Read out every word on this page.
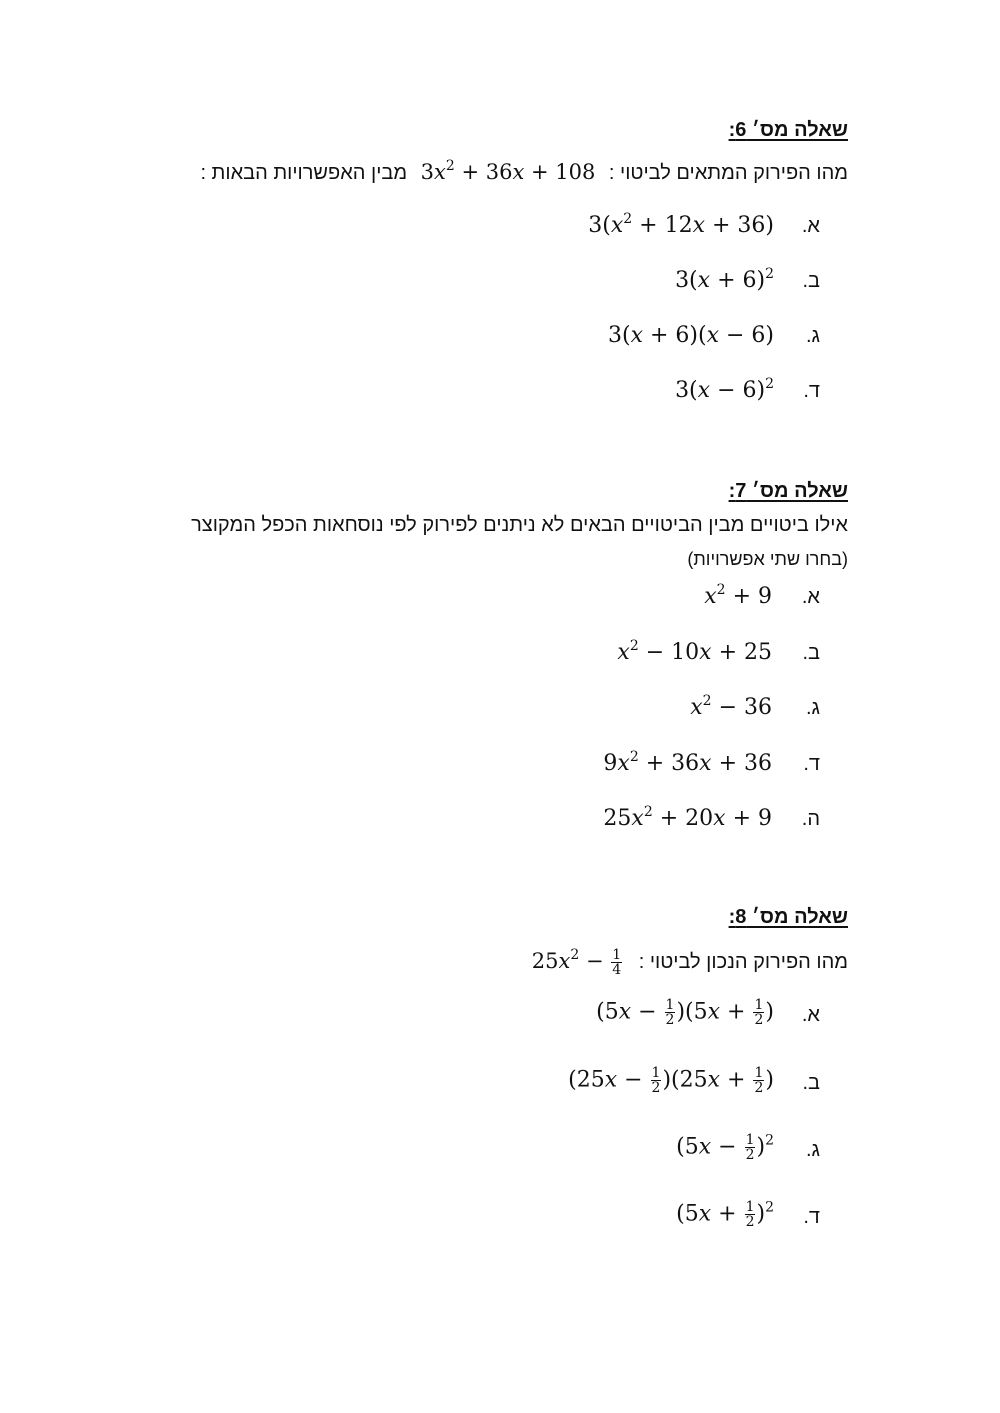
שאלה מס׳ 6:
מהו הפירוק המתאים לביטוי : $3x^2 + 36x + 108$ מבין האפשרויות הבאות :
$3(x^2 + 12x + 36)$ א.
$3(x + 6)^2$ ב.
3(x + 6)(x − 6) ג.
$3(x - 6)^2$ ד.
שאלה מס׳ 7:
אילו ביטויים מבין הביטויים הבאים לא ניתנים לפירוק לפי נוסחאות הכפל המקוצר
(בחרו שתי אפשרויות)
$x^2 + 9$ א.
$x^2 - 10x + 25$ ב.
$x^2 - 36$ ג.
$9x^2 + 36x + 36$ ד.
$25x^2 + 20x + 9$ ה.
שאלה מס׳ 8:
מהו הפירוק הנכון לביטוי : $25x^2 - \frac{1}{4}$
$(5x - \frac{1}{2} )(5x + \frac{1}{2}$ ) א.
$(25x - \frac{1}{2} )(25x + \frac{1}{2}$ ) ב.
$(5x - \frac{1}{2} )^2$ ג.
$(5x + \frac{1}{2} )^2$ ד.
